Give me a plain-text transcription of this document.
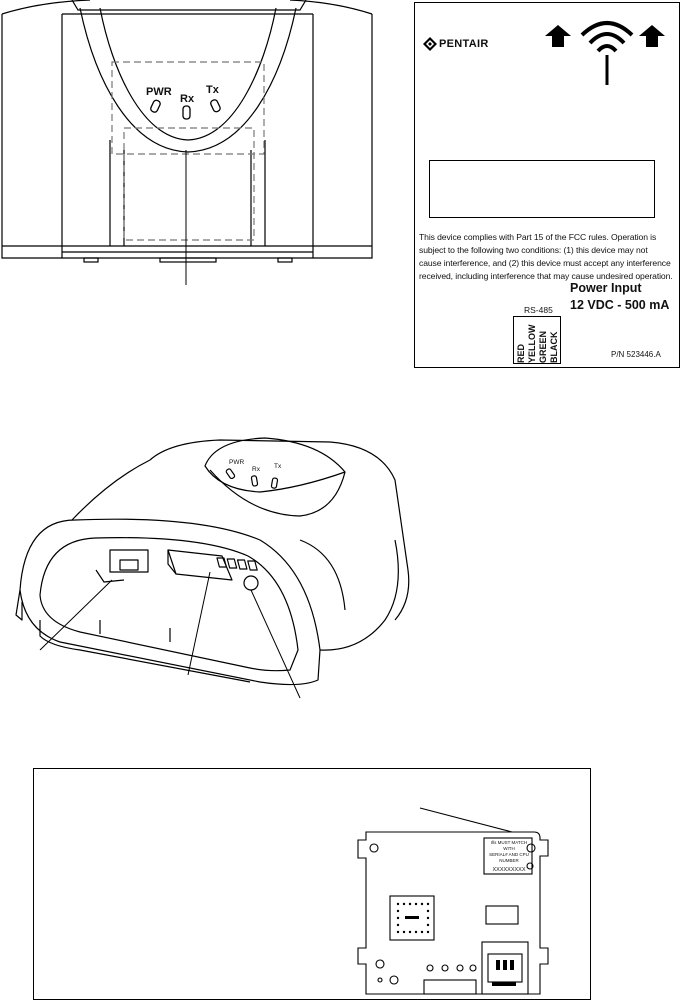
PWR
Rx
Tx
PENTAIR
This device complies with Part 15 of the FCC rules. Operation is
subject to the following two conditions: (1) this device may not
cause interference, and (2) this device must accept any interference
received, including interference that may cause undesired operation.
Power Input
12 VDC - 500 mA
RS-485
RED YELLOW GREEN BLACK	P/N 523446.A
PWR
Rx Tx
Ills MUST MATCH WITH
SERIAL# AND CPU NUMBER
XXXXXXXXX
